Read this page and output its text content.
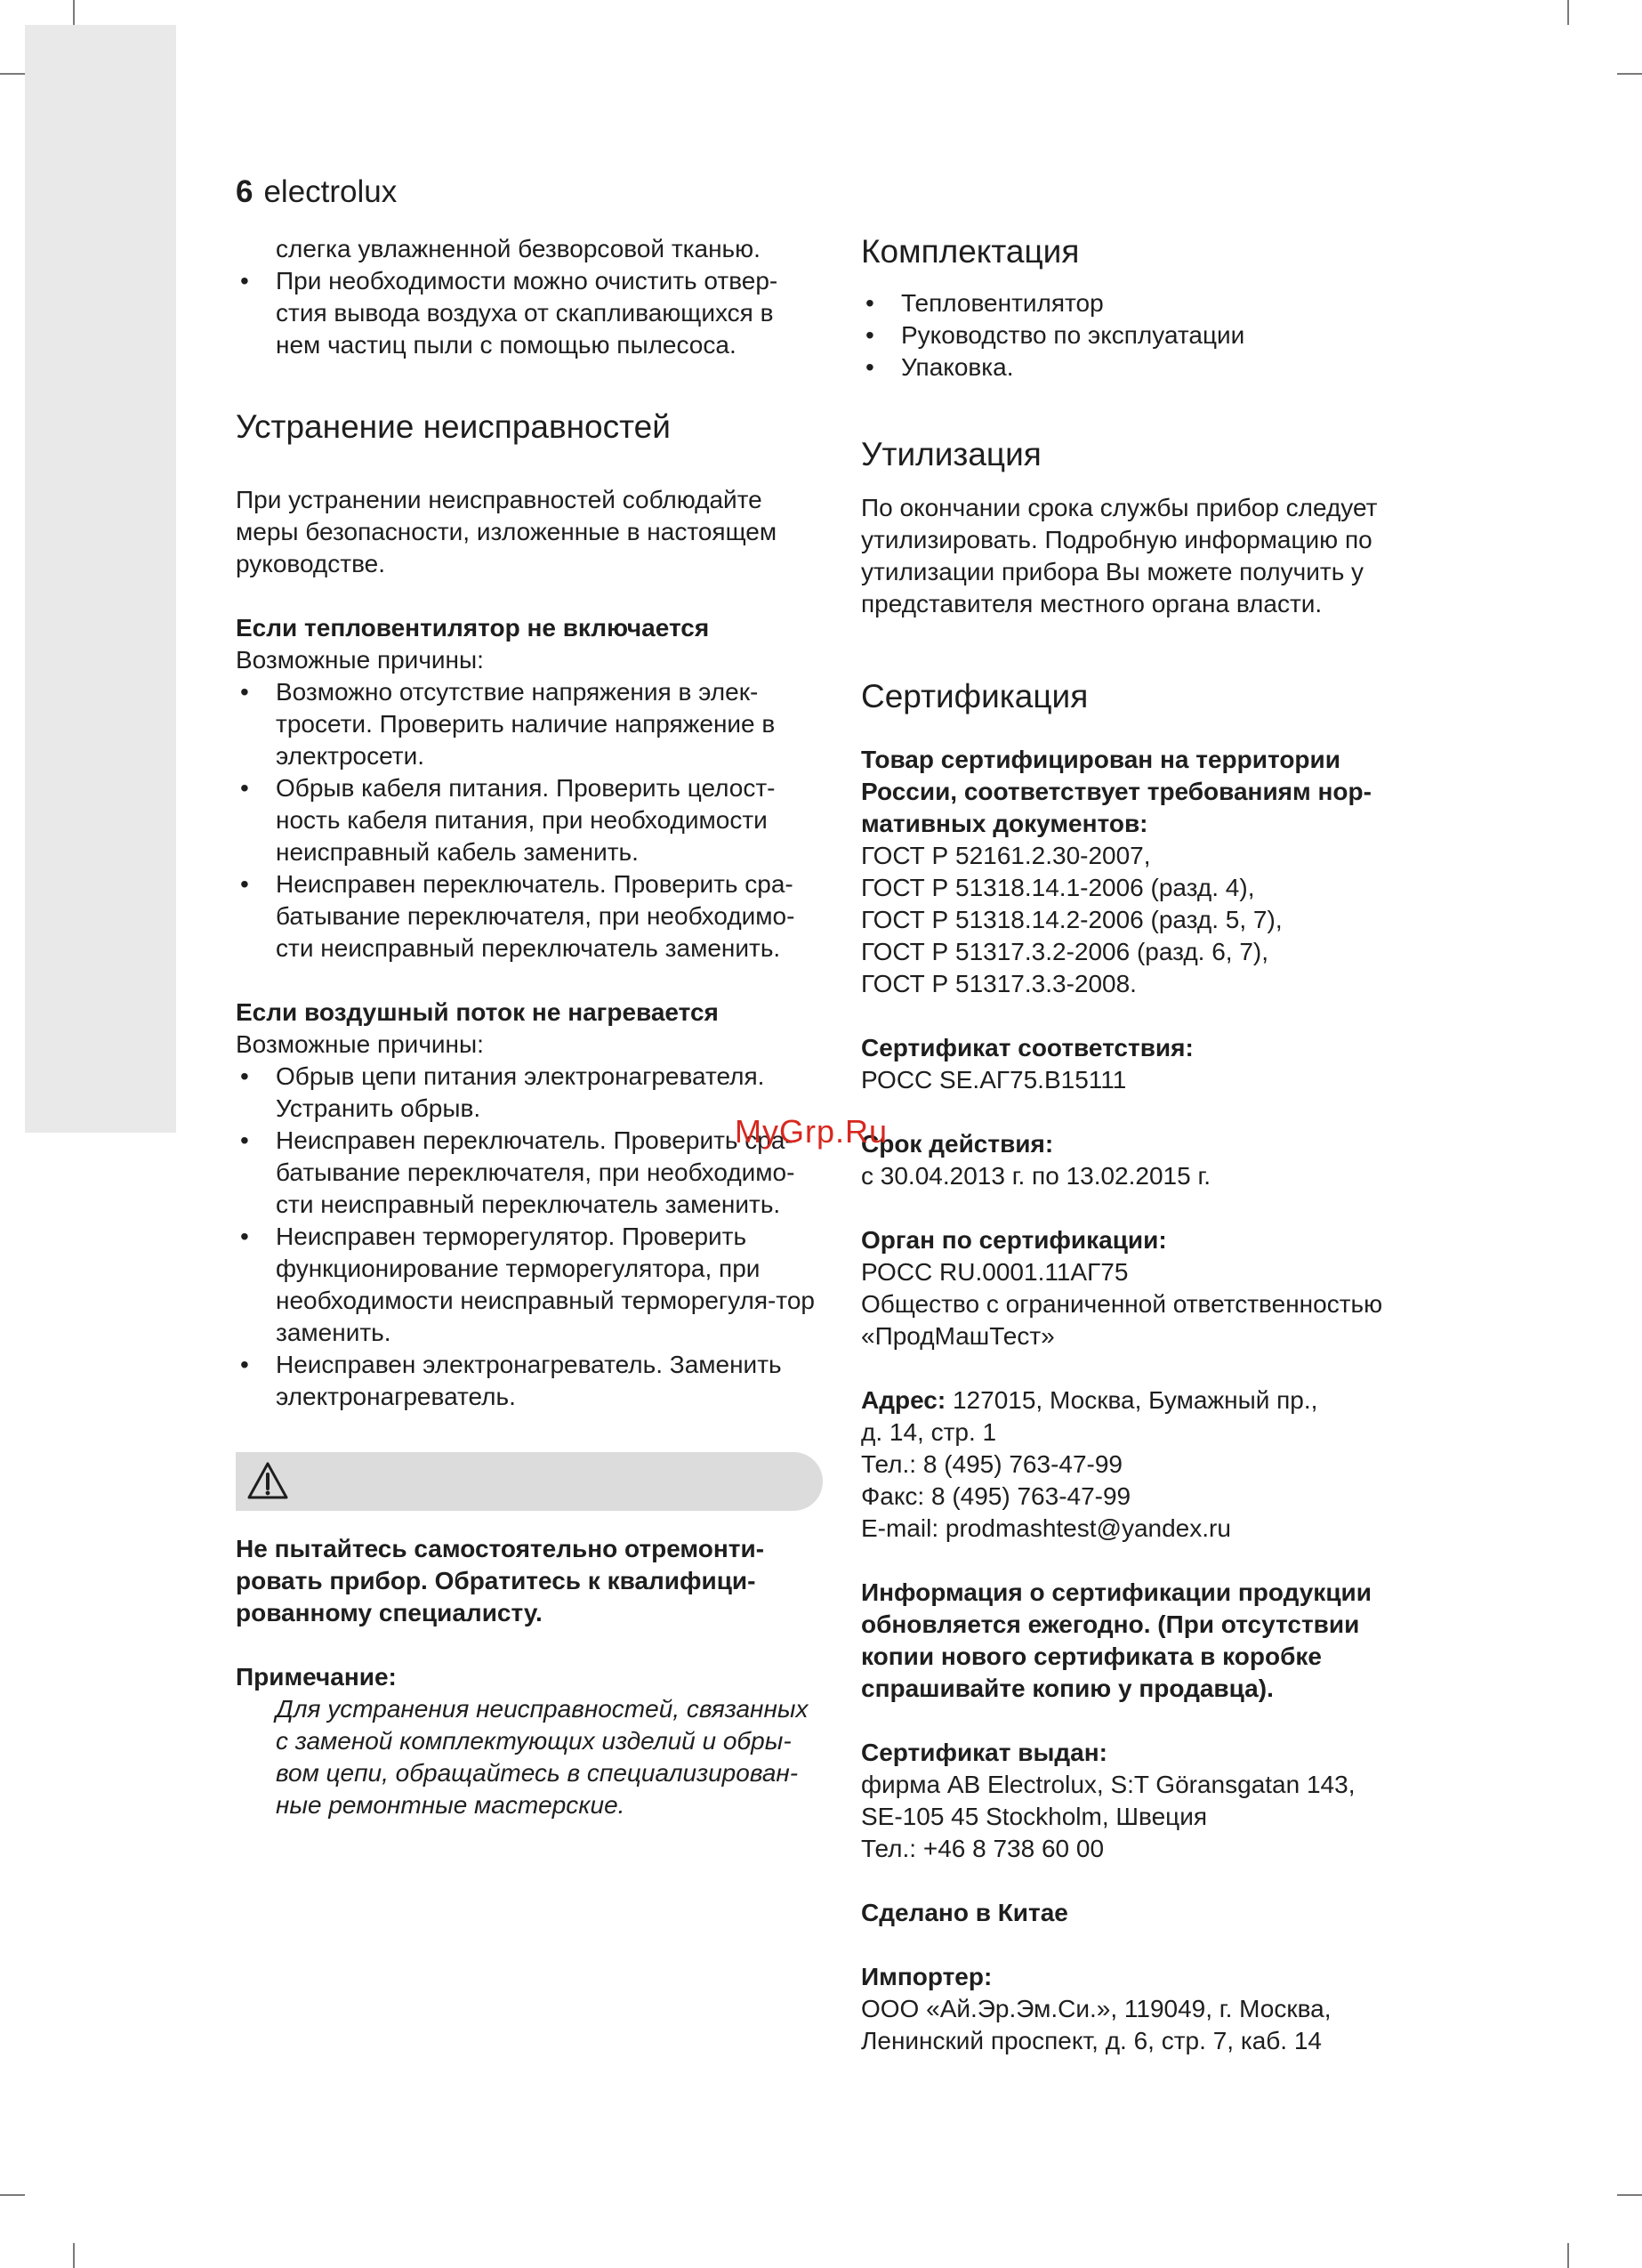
6 electrolux

слегка увлажненной безворсовой тканью.

• При необходимости можно очистить отвер-стия вывода воздуха от скапливающихся в нем частиц пыли с помощью пылесоса.
Устранение неисправностей

При устранении неисправностей соблюдайте меры безопасности, изложенные в настоящем руководстве.

Если тепловентилятор не включается

Возможные причины:

• Возможно отсутствие напряжения в элек-тросети. Проверить наличие напряжение в электросети.
• Обрыв кабеля питания. Проверить целост-ность кабеля питания, при необходимости неисправный кабель заменить.
• Неисправен переключатель. Проверить сра-батывание переключателя, при необходимо-сти неисправный переключатель заменить.

Если воздушный поток не нагревается

Возможные причины:

• Обрыв цепи питания электронагревателя. Устранить обрыв.
• Неисправен переключатель. Проверить сра-батывание переключателя, при необходимо-сти неисправный переключатель заменить.
• Неисправен терморегулятор. Проверить функционирование терморегулятора, при необходимости неисправный терморегуля-тор заменить.
• Неисправен электронагреватель. Заменить электронагреватель.

Не пытайтесь самостоятельно отремонти-ровать прибор. Обратитесь к квалифици-рованному специалисту.

Примечание:

Для устранения неисправностей, связанных с заменой комплектующих изделий и обры-вом цепи, обращайтесь в специализирован-ные ремонтные мастерские.

Комплектация
• Тепловентилятор
• Руководство по эксплуатации
• Упаковка.
Утилизация

По окончании срока службы прибор следует утилизировать. Подробную информацию по утилизации прибора Вы можете получить у представителя местного органа власти.

Сертификация

Товар сертифицирован на территории России, соответствует требованиям нор-мативных документов:

ГОСТ Р 52161.2.30-2007,

ГОСТ Р 51318.14.1-2006 (разд. 4),

ГОСТ Р 51318.14.2-2006 (разд. 5, 7),

ГОСТ Р 51317.3.2-2006 (разд. 6, 7),

ГОСТ Р 51317.3.3-2008.

Сертификат соответствия:

РОСС SE.АГ75.В15111

Срок действия:

с 30.04.2013 г. по 13.02.2015 г.

Орган по сертификации:

РОСС RU.0001.11АГ75

Общество с ограниченной ответственностью «ПродМашТест»

Адрес: 127015, Москва, Бумажный пр.,

д. 14, стр. 1

Тел.: 8 (495) 763-47-99

Факс: 8 (495) 763-47-99

E-mail: prodmashtest@yandex.ru

Информация о сертификации продукции обновляется ежегодно. (При отсутствии копии нового сертификата в коробке спрашивайте копию у продавца).

Сертификат выдан:

фирма AB Electrolux, S:T Göransgatan 143,

SE-105 45 Stockholm, Швеция

Тел.: +46 8 738 60 00

Сделано в Китае

Импортер:

ООО «Ай.Эр.Эм.Си.», 119049, г. Москва,

Ленинский проспект, д. 6, стр. 7, каб. 14

MyGrp.Ru
